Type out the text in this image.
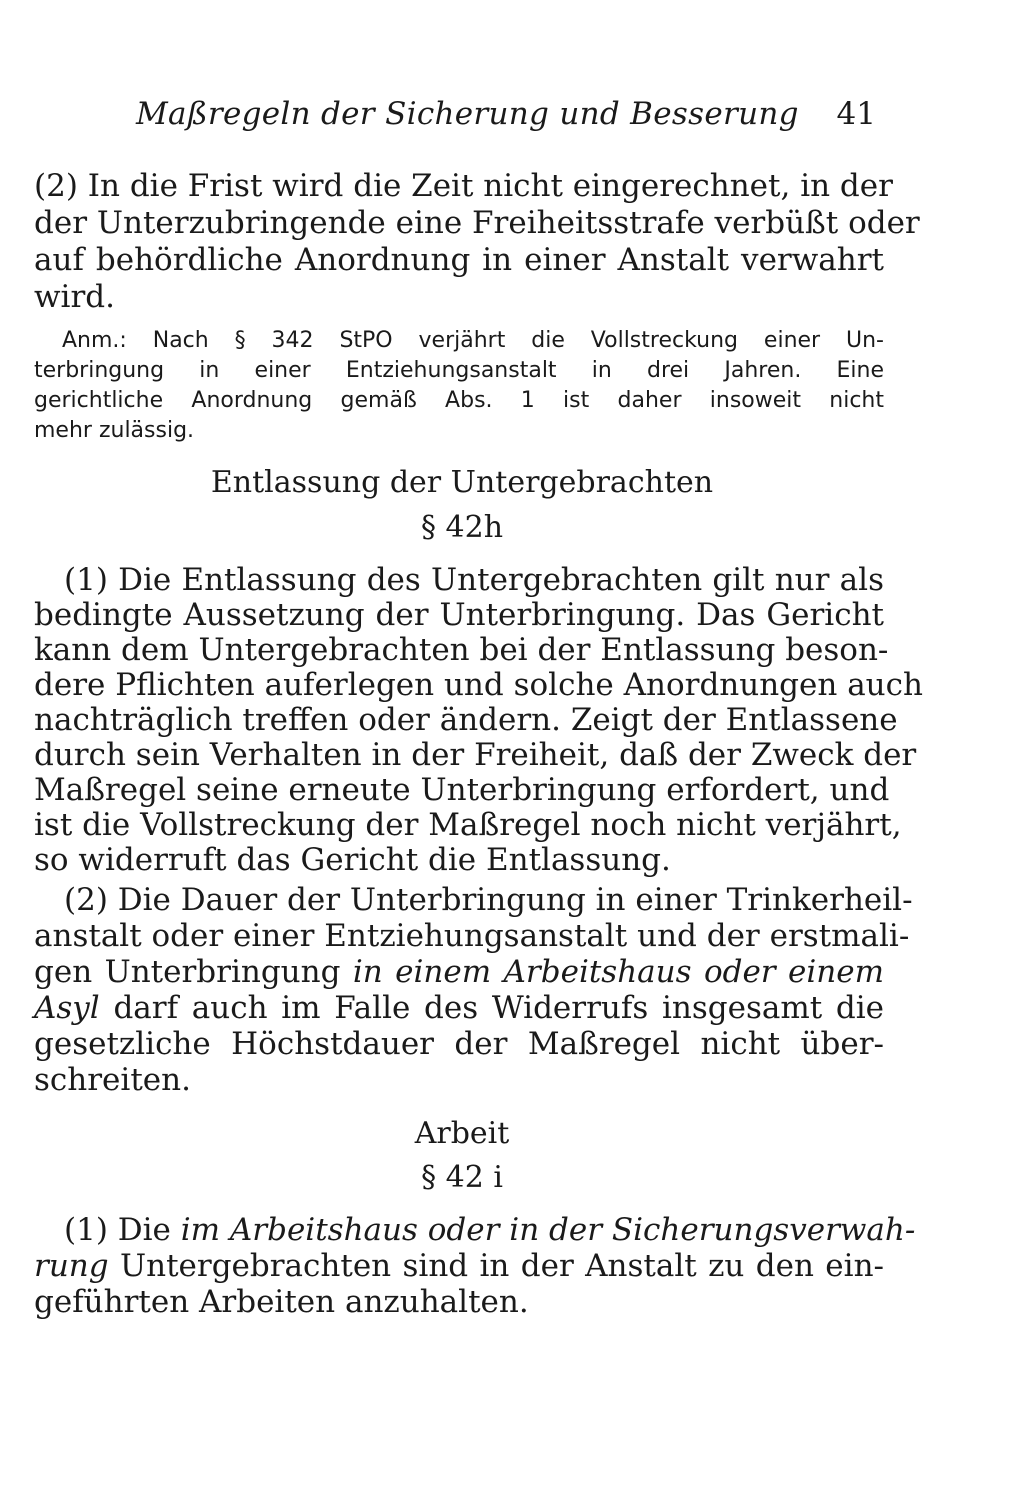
Maßregeln der Sicherung und Besserung 41
(2) In die Frist wird die Zeit nicht eingerechnet, in der
der Unterzubringende eine Freiheitsstrafe verbüßt oder
auf behördliche Anordnung in einer Anstalt verwahrt
wird.
Anm.: Nach § 342 StPO verjährt die Vollstreckung einer Un-
terbringung in einer Entziehungsanstalt in drei Jahren. Eine
gerichtliche Anordnung gemäß Abs. 1 ist daher insoweit nicht
mehr zulässig.
Entlassung der Untergebrachten
§ 42h
(1) Die Entlassung des Untergebrachten gilt nur als
bedingte Aussetzung der Unterbringung. Das Gericht
kann dem Untergebrachten bei der Entlassung beson-
dere Pflichten auferlegen und solche Anordnungen auch
nachträglich treffen oder ändern. Zeigt der Entlassene
durch sein Verhalten in der Freiheit, daß der Zweck der
Maßregel seine erneute Unterbringung erfordert, und
ist die Vollstreckung der Maßregel noch nicht verjährt,
so widerruft das Gericht die Entlassung.
(2) Die Dauer der Unterbringung in einer Trinkerheil-
anstalt oder einer Entziehungsanstalt und der erstmali-
gen Unterbringung in einem Arbeitshaus oder einem
Asyl darf auch im Falle des Widerrufs insgesamt die
gesetzliche Höchstdauer der Maßregel nicht über-
schreiten.
Arbeit
§ 42 i
(1) Die im Arbeitshaus oder in der Sicherungsverwah-
rung Untergebrachten sind in der Anstalt zu den ein-
geführten Arbeiten anzuhalten.
